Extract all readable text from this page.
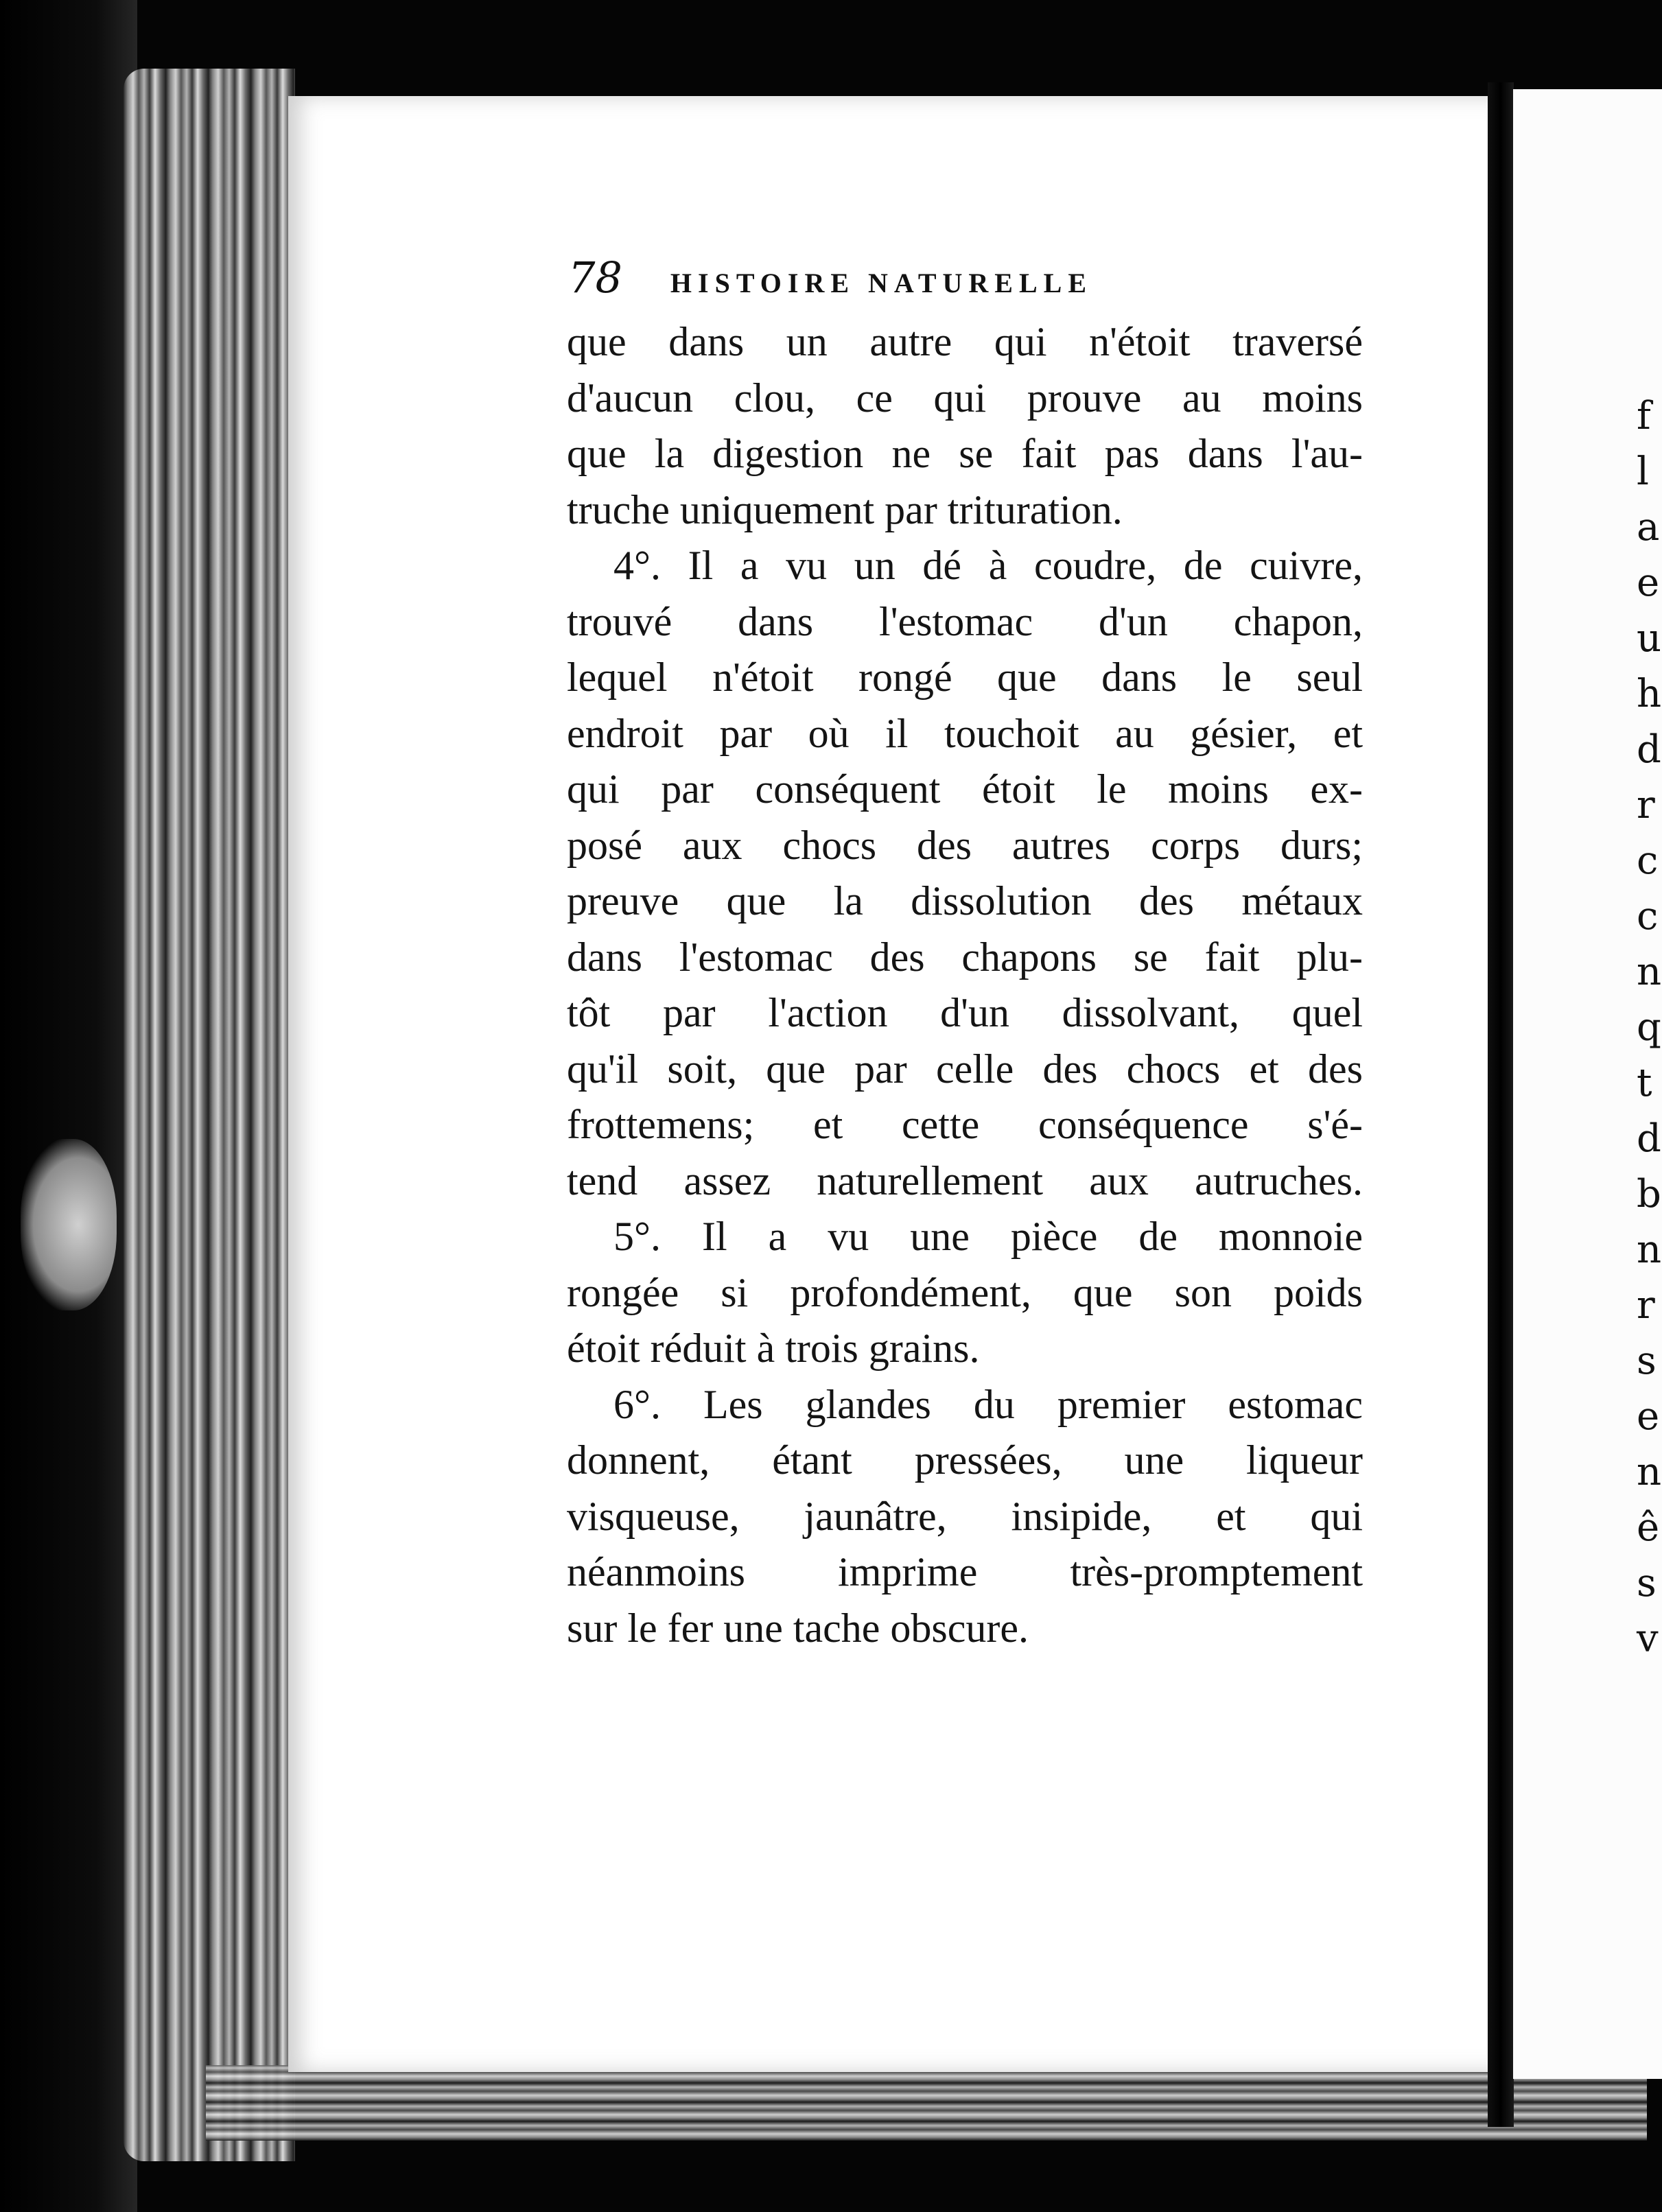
f
l
a
e
u
h
d
r
c
c
n
q
t
d
b
n
r
s
e
n
ê
s
v
78 HISTOIRE NATURELLE
que dans un autre qui n'étoit traversé
d'aucun clou, ce qui prouve au moins
que la digestion ne se fait pas dans l'au-
truche uniquement par trituration.
4°. Il a vu un dé à coudre, de cuivre,
trouvé dans l'estomac d'un chapon,
lequel n'étoit rongé que dans le seul
endroit par où il touchoit au gésier, et
qui par conséquent étoit le moins ex-
posé aux chocs des autres corps durs;
preuve que la dissolution des métaux
dans l'estomac des chapons se fait plu-
tôt par l'action d'un dissolvant, quel
qu'il soit, que par celle des chocs et des
frottemens; et cette conséquence s'é-
tend assez naturellement aux autruches.
5°. Il a vu une pièce de monnoie
rongée si profondément, que son poids
étoit réduit à trois grains.
6°. Les glandes du premier estomac
donnent, étant pressées, une liqueur
visqueuse, jaunâtre, insipide, et qui
néanmoins imprime très-promptement
sur le fer une tache obscure.
